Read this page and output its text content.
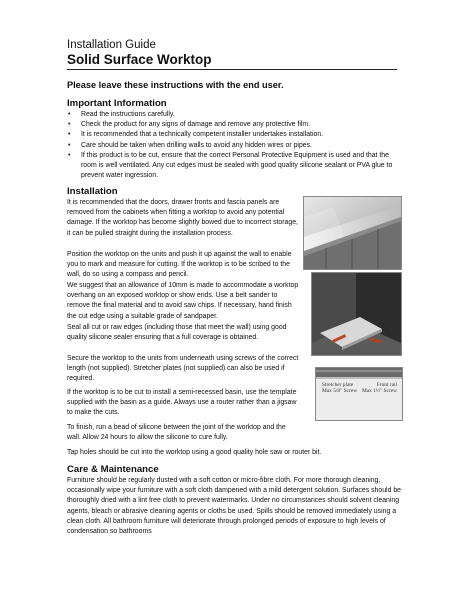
Installation Guide
Solid Surface Worktop
Please leave these instructions with the end user.
Important Information
• Read the instructions carefully.
• Check the product for any signs of damage and remove any protective film.
• It is recommended that a technically competent installer undertakes installation.
• Care should be taken when drilling walls to avoid any hidden wires or pipes.
• If this product is to be cut, ensure that the correct Personal Protective Equipment is used and that the room is well ventilated. Any cut edges must be sealed with good quality silicone sealant or PVA glue to prevent water ingression.
Installation

It is recommended that the doors, drawer fronts and fascia panels are removed from the cabinets when fitting a worktop to avoid any potential damage. If the worktop has become slightly bowed due to incorrect storage, it can be pulled straight during the installation process.

Position the worktop on the units and push it up against the wall to enable you to mark and measure for cutting. If the worktop is to be scribed to the wall, do so using a compass and pencil.

We suggest that an allowance of 10mm is made to accommodate a worktop overhang on an exposed worktop or show ends. Use a belt sander to remove the final material and to avoid saw chips. If necessary, hand finish the cut edge using a suitable grade of sandpaper.

Seal all cut or raw edges (including those that meet the wall) using good quality silicone sealer ensuring that a full coverage is obtained.

Secure the worktop to the units from underneath using screws of the correct length (not supplied). Stretcher plates (not supplied) can also be used if required.

If the worktop is to be cut to install a semi-recessed basin, use the template supplied with the basin as a guide. Always use a router rather than a jigsaw to make the cuts.

To finish, run a bead of silicone between the joint of the worktop and the wall. Allow 24 hours to allow the silicone to cure fully.

Tap holes should be cut into the worktop using a good quality hole saw or router bit.

Care & Maintenance

Furniture should be regularly dusted with a soft cotton or micro-fibre cloth. For more thorough cleaning, occasionally wipe your furniture with a soft cloth dampened with a mild detergent solution. Surfaces should be thoroughly dried with a lint free cloth to prevent watermarks. Under no circumstances should solvent cleaning agents, bleach or abrasive cleaning agents or cloths be used. Spills should be removed immediately using a clean cloth. All bathroom furniture will deteriorate through prolonged periods of exposure to high levels of condensation so bathrooms

Stretcher plate
Max 5/8" Screw
Front rail
Max 1½" Screw
